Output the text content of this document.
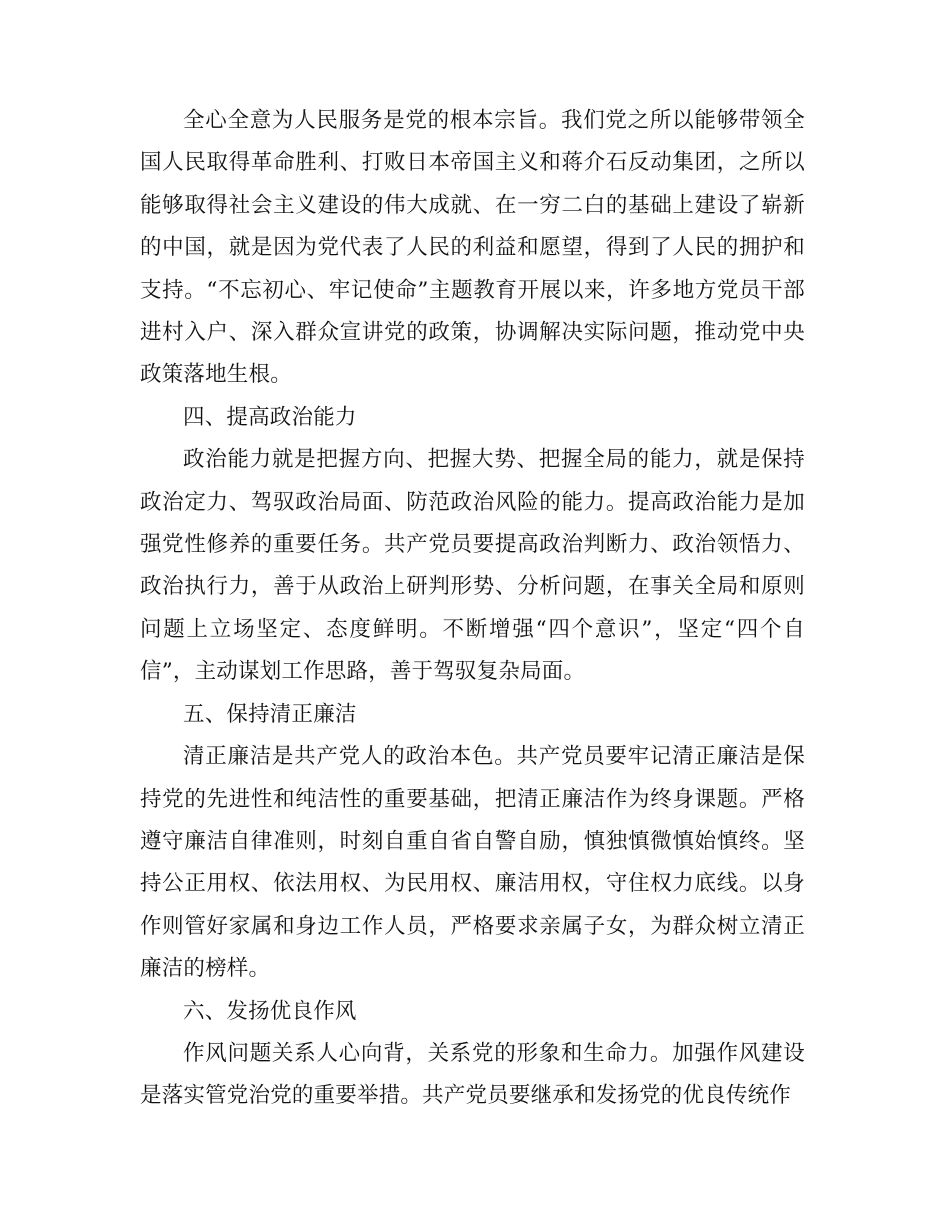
全心全意为人民服务是党的根本宗旨。我们党之所以能够带领全国人民取得革命胜利、打败日本帝国主义和蒋介石反动集团，之所以能够取得社会主义建设的伟大成就、在一穷二白的基础上建设了崭新的中国，就是因为党代表了人民的利益和愿望，得到了人民的拥护和支持。“不忘初心、牢记使命”主题教育开展以来，许多地方党员干部进村入户、深入群众宣讲党的政策，协调解决实际问题，推动党中央政策落地生根。

四、提高政治能力

政治能力就是把握方向、把握大势、把握全局的能力，就是保持政治定力、驾驭政治局面、防范政治风险的能力。提高政治能力是加强党性修养的重要任务。共产党员要提高政治判断力、政治领悟力、政治执行力，善于从政治上研判形势、分析问题，在事关全局和原则问题上立场坚定、态度鲜明。不断增强“四个意识”，坚定“四个自信”，主动谋划工作思路，善于驾驭复杂局面。

五、保持清正廉洁

清正廉洁是共产党人的政治本色。共产党员要牢记清正廉洁是保持党的先进性和纯洁性的重要基础，把清正廉洁作为终身课题。严格遵守廉洁自律准则，时刻自重自省自警自励，慎独慎微慎始慎终。坚持公正用权、依法用权、为民用权、廉洁用权，守住权力底线。以身作则管好家属和身边工作人员，严格要求亲属子女，为群众树立清正廉洁的榜样。

六、发扬优良作风

作风问题关系人心向背，关系党的形象和生命力。加强作风建设是落实管党治党的重要举措。共产党员要继承和发扬党的优良传统作
